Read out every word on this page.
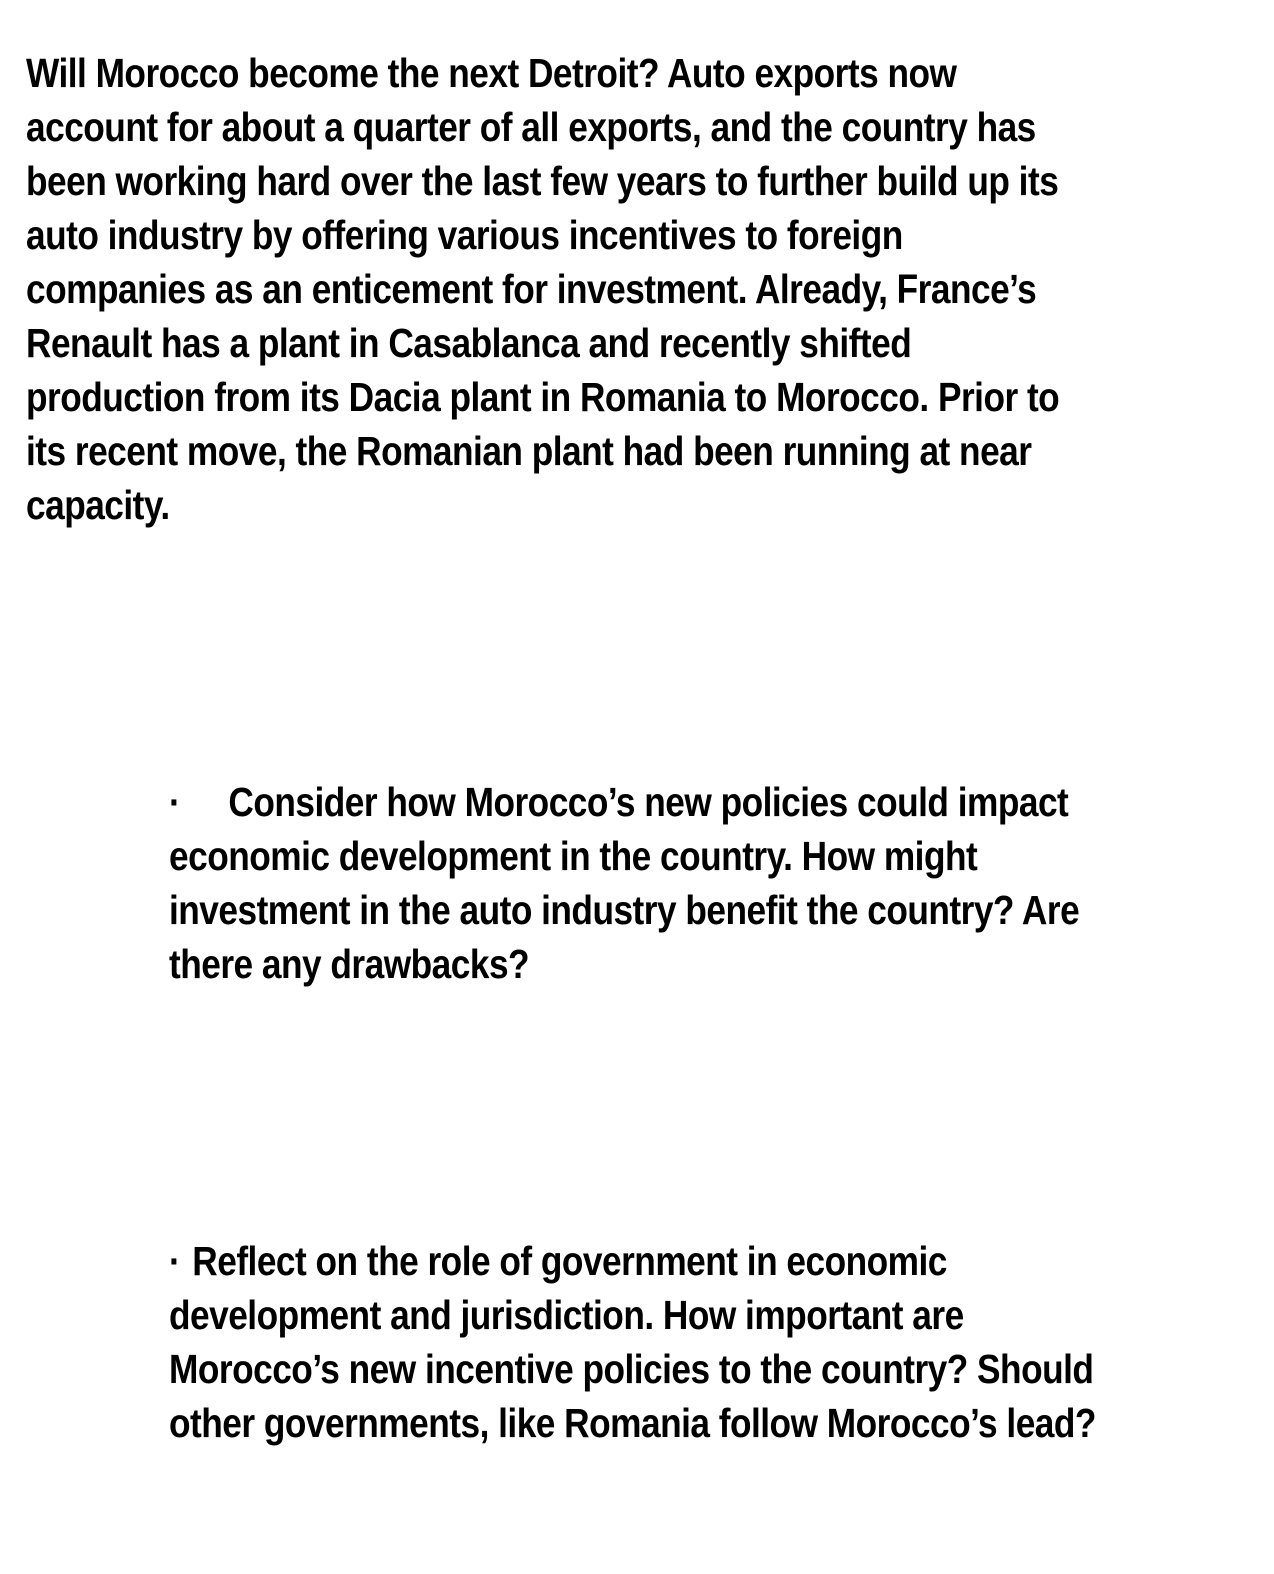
Will Morocco become the next Detroit? Auto exports now
account for about a quarter of all exports, and the country has
been working hard over the last few years to further build up its
auto industry by offering various incentives to foreign
companies as an enticement for investment. Already, France’s
Renault has a plant in Casablanca and recently shifted
production from its Dacia plant in Romania to Morocco. Prior to
its recent move, the Romanian plant had been running at near
capacity.
· Consider how Morocco’s new policies could impact
economic development in the country. How might
investment in the auto industry benefit the country? Are
there any drawbacks?
· Reflect on the role of government in economic
development and jurisdiction. How important are
Morocco’s new incentive policies to the country? Should
other governments, like Romania follow Morocco’s lead?
